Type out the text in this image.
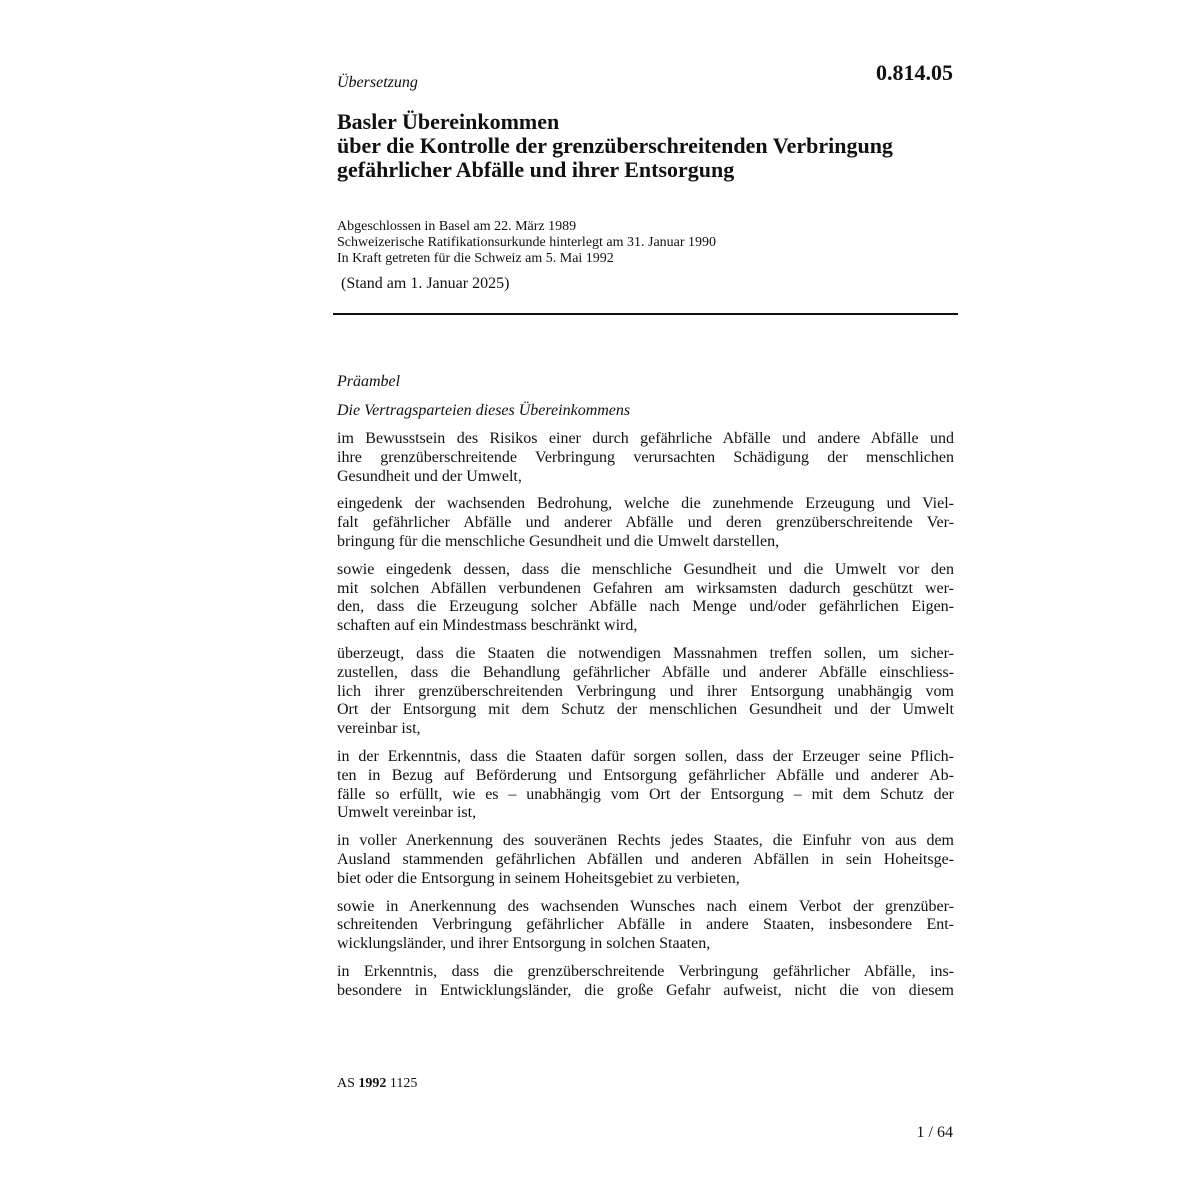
Übersetzung	0.814.05
Basler Übereinkommen
über die Kontrolle der grenzüberschreitenden Verbringung
gefährlicher Abfälle und ihrer Entsorgung
Abgeschlossen in Basel am 22. März 1989
Schweizerische Ratifikationsurkunde hinterlegt am 31. Januar 1990
In Kraft getreten für die Schweiz am 5. Mai 1992
(Stand am 1. Januar 2025)
Präambel
Die Vertragsparteien dieses Übereinkommens

im Bewusstsein des Risikos einer durch gefährliche Abfälle und andere Abfälle und
ihre grenzüberschreitende Verbringung verursachten Schädigung der menschlichen
Gesundheit und der Umwelt,

eingedenk der wachsenden Bedrohung, welche die zunehmende Erzeugung und Viel-
falt gefährlicher Abfälle und anderer Abfälle und deren grenzüberschreitende Ver-
bringung für die menschliche Gesundheit und die Umwelt darstellen,

sowie eingedenk dessen, dass die menschliche Gesundheit und die Umwelt vor den
mit solchen Abfällen verbundenen Gefahren am wirksamsten dadurch geschützt wer-
den, dass die Erzeugung solcher Abfälle nach Menge und/oder gefährlichen Eigen-
schaften auf ein Mindestmass beschränkt wird,

überzeugt, dass die Staaten die notwendigen Massnahmen treffen sollen, um sicher-
zustellen, dass die Behandlung gefährlicher Abfälle und anderer Abfälle einschliess-
lich ihrer grenzüberschreitenden Verbringung und ihrer Entsorgung unabhängig vom
Ort der Entsorgung mit dem Schutz der menschlichen Gesundheit und der Umwelt
vereinbar ist,

in der Erkenntnis, dass die Staaten dafür sorgen sollen, dass der Erzeuger seine Pflich-
ten in Bezug auf Beförderung und Entsorgung gefährlicher Abfälle und anderer Ab-
fälle so erfüllt, wie es – unabhängig vom Ort der Entsorgung – mit dem Schutz der
Umwelt vereinbar ist,

in voller Anerkennung des souveränen Rechts jedes Staates, die Einfuhr von aus dem
Ausland stammenden gefährlichen Abfällen und anderen Abfällen in sein Hoheitsge-
biet oder die Entsorgung in seinem Hoheitsgebiet zu verbieten,

sowie in Anerkennung des wachsenden Wunsches nach einem Verbot der grenzüber-
schreitenden Verbringung gefährlicher Abfälle in andere Staaten, insbesondere Ent-
wicklungsländer, und ihrer Entsorgung in solchen Staaten,

in Erkenntnis, dass die grenzüberschreitende Verbringung gefährlicher Abfälle, ins-
besondere in Entwicklungsländer, die große Gefahr aufweist, nicht die von diesem

AS 1992 1125
1 / 64
